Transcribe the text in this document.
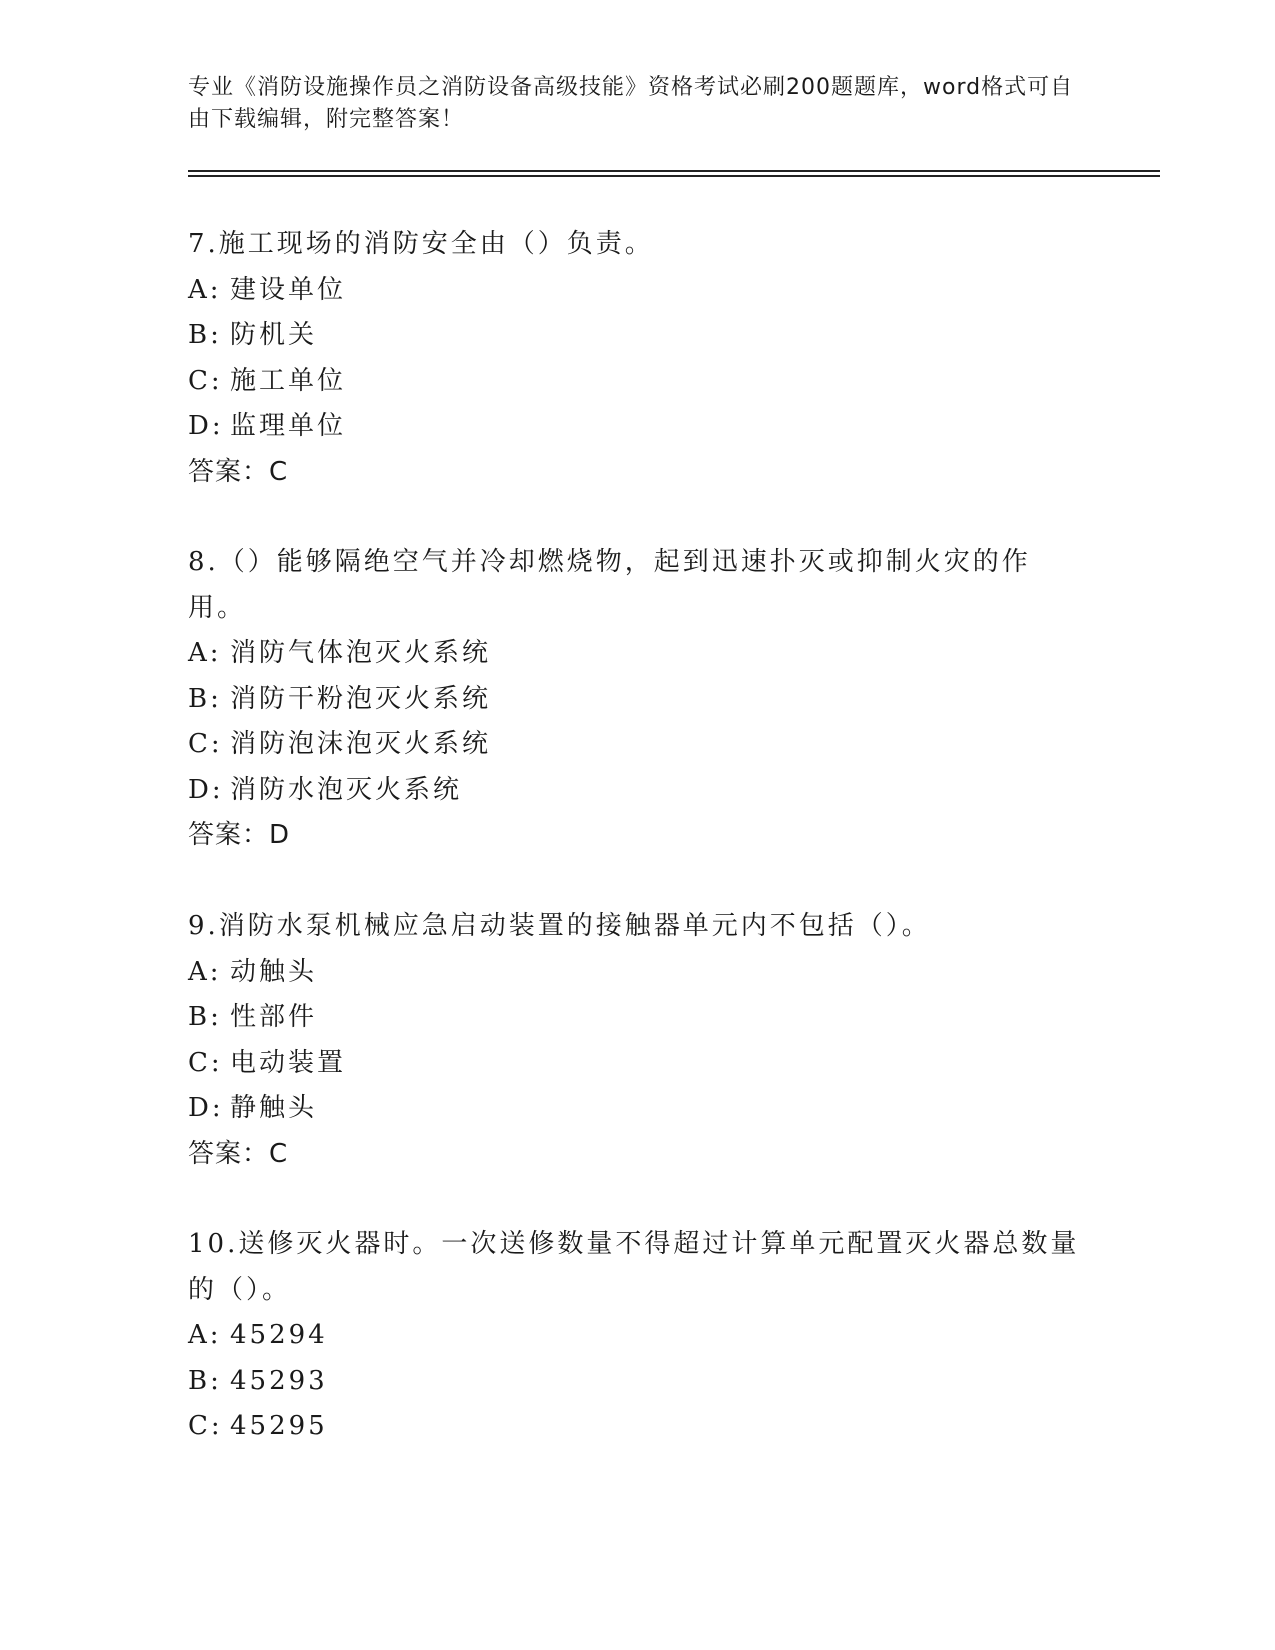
专业《消防设施操作员之消防设备高级技能》资格考试必刷200题题库，word格式可自由下载编辑，附完整答案！
7.施工现场的消防安全由（）负责。
A: 建设单位
B: 防机关
C: 施工单位
D: 监理单位
答案：C
8.（）能够隔绝空气并冷却燃烧物，起到迅速扑灭或抑制火灾的作用。
A: 消防气体泡灭火系统
B: 消防干粉泡灭火系统
C: 消防泡沫泡灭火系统
D: 消防水泡灭火系统
答案：D
9.消防水泵机械应急启动装置的接触器单元内不包括（）。
A: 动触头
B: 性部件
C: 电动装置
D: 静触头
答案：C
10.送修灭火器时。一次送修数量不得超过计算单元配置灭火器总数量的（）。
A: 45294
B: 45293
C: 45295
